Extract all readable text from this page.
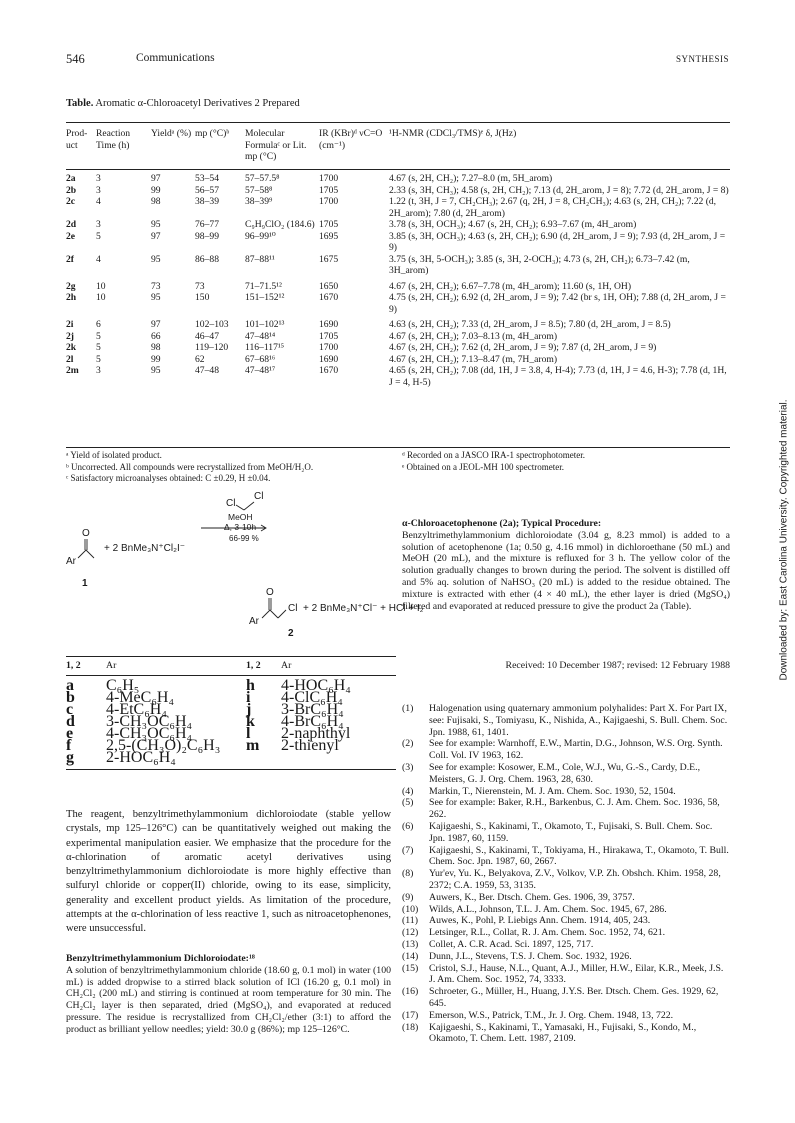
546	Communications	SYNTHESIS
Table. Aromatic α-Chloroacetyl Derivatives 2 Prepared
Prod- uct	Reaction Time (h)	Yieldᵃ (%)	mp (°C)ᵇ	Molecular Formulaᶜ or Lit. mp (°C)	IR (KBr)ᵈ νC=O (cm⁻¹)	¹H-NMR (CDCl₃/TMS)ᵉ δ, J(Hz)
2a	3	97	53–54	57–57.5⁸	1700	4.67 (s, 2H, CH₂); 7.27–8.0 (m, 5H_arom)
2b	3	99	56–57	57–58⁸	1705	2.33 (s, 3H, CH₃); 4.58 (s, 2H, CH₂); 7.13 (d, 2H_arom, J = 8); 7.72 (d, 2H_arom, J = 8)
2c	4	98	38–39	38–39⁹	1700	1.22 (t, 3H, J = 7, CH₂CH₃); 2.67 (q, 2H, J = 8, CH₂CH₃); 4.63 (s, 2H, CH₂); 7.22 (d, 2H_arom); 7.80 (d, 2H_arom)
2d	3	95	76–77	C₉H₉ClO₂ (184.6)	1705	3.78 (s, 3H, OCH₃); 4.67 (s, 2H, CH₂); 6.93–7.67 (m, 4H_arom)
2e	5	97	98–99	96–99¹⁰	1695	3.85 (s, 3H, OCH₃); 4.63 (s, 2H, CH₂); 6.90 (d, 2H_arom, J = 9); 7.93 (d, 2H_arom, J = 9)
2f	4	95	86–88	87–88¹¹	1675	3.75 (s, 3H, 5-OCH₃); 3.85 (s, 3H, 2-OCH₃); 4.73 (s, 2H, CH₂); 6.73–7.42 (m, 3H_arom)

2g	10	73	73	71–71.5¹²	1650	4.67 (s, 2H, CH₂); 6.67–7.78 (m, 4H_arom); 11.60 (s, 1H, OH)
2h	10	95	150	151–152¹²	1670	4.75 (s, 2H, CH₂); 6.92 (d, 2H_arom, J = 9); 7.42 (br s, 1H, OH); 7.88 (d, 2H_arom, J = 9)

2i	6	97	102–103	101–102¹³	1690	4.63 (s, 2H, CH₂); 7.33 (d, 2H_arom, J = 8.5); 7.80 (d, 2H_arom, J = 8.5)
2j	5	66	46–47	47–48¹⁴	1705	4.67 (s, 2H, CH₂); 7.03–8.13 (m, 4H_arom)
2k	5	98	119–120	116–117¹⁵	1700	4.67 (s, 2H, CH₂); 7.62 (d, 2H_arom, J = 9); 7.87 (d, 2H_arom, J = 9)
2l	5	99	62	67–68¹⁶	1690	4.67 (s, 2H, CH₂); 7.13–8.47 (m, 7H_arom)
2m	3	95	47–48	47–48¹⁷	1670	4.65 (s, 2H, CH₂); 7.08 (dd, 1H, J = 3.8, 4, H-4); 7.73 (d, 1H, J = 4.6, H-3); 7.78 (d, 1H, J = 4, H-5)
ᵃ Yield of isolated product.
ᵇ Uncorrected. All compounds were recrystallized from MeOH/H₂O.
ᶜ Satisfactory microanalyses obtained: C ±0.29, H ±0.04.
ᵈ Recorded on a JASCO IRA-1 spectrophotometer.
ᵉ Obtained on a JEOL-MH 100 spectrometer.
Cl
Cl
MeOH
Δ, 3-10h
66-99 %
O
Ar
+ 2 BnMe₃N⁺Cl₂I⁻
1
O
Cl
Ar
+ 2 BnMe₃N⁺Cl⁻ + HCl + I₂
2
1, 2	Ar	1, 2 Ar
a	C₆H₅
b	4-MeC₆H₄
c	4-EtC₆H₄
d	3-CH₃OC₆H₄
e	4-CH₃OC₆H₄
f	2,5-(CH₃O)₂C₆H₃
g	2-HOC₆H₄
h	4-HOC₆H₄
i	4-ClC₆H₄
j	3-BrC₆H₄
k	4-BrC₆H₄
l	2-naphthyl
m	2-thienyl
The reagent, benzyltrimethylammonium dichloroiodate (stable yellow crystals, mp 125–126°C) can be quantitatively weighed out making the experimental manipulation easier. We emphasize that the procedure for the α-chlorination of aromatic acetyl derivatives using benzyltrimethylammonium dichloroiodate is more highly effective than sulfuryl chloride or copper(II) chloride, owing to its ease, simplicity, generality and excellent product yields. As limitation of the procedure, attempts at the α-chlorination of less reactive 1, such as nitroacetophenones, were unsuccessful.
Benzyltrimethylammonium Dichloroiodate:¹⁸
A solution of benzyltrimethylammonium chloride (18.60 g, 0.1 mol) in water (100 mL) is added dropwise to a stirred black solution of ICl (16.20 g, 0.1 mol) in CH₂Cl₂ (200 mL) and stirring is continued at room temperature for 30 min. The CH₂Cl₂ layer is then separated, dried (MgSO₄), and evaporated at reduced pressure. The residue is recrystallized from CH₂Cl₂/ether (3:1) to afford the product as brilliant yellow needles; yield: 30.0 g (86%); mp 125–126°C.
α-Chloroacetophenone (2a); Typical Procedure:
Benzyltrimethylammonium dichloroiodate (3.04 g, 8.23 mmol) is added to a solution of acetophenone (1a; 0.50 g, 4.16 mmol) in dichloroethane (50 mL) and MeOH (20 mL), and the mixture is refluxed for 3 h. The yellow color of the solution gradually changes to brown during the period. The solvent is distilled off and 5% aq. solution of NaHSO₃ (20 mL) is added to the residue obtained. The mixture is extracted with ether (4 × 40 mL), the ether layer is dried (MgSO₄) filtered and evaporated at reduced pressure to give the product 2a (Table).
Received: 10 December 1987; revised: 12 February 1988
(1)	Halogenation using quaternary ammonium polyhalides: Part X. For Part IX, see: Fujisaki, S., Tomiyasu, K., Nishida, A., Kajigaeshi, S. Bull. Chem. Soc. Jpn. 1988, 61, 1401.
(2)	See for example: Warnhoff, E.W., Martin, D.G., Johnson, W.S. Org. Synth. Coll. Vol. IV 1963, 162.
(3)	See for example: Kosower, E.M., Cole, W.J., Wu, G.-S., Cardy, D.E., Meisters, G. J. Org. Chem. 1963, 28, 630.
(4)	Markin, T., Nierenstein, M. J. Am. Chem. Soc. 1930, 52, 1504.
(5)	See for example: Baker, R.H., Barkenbus, C. J. Am. Chem. Soc. 1936, 58, 262.
(6)	Kajigaeshi, S., Kakinami, T., Okamoto, T., Fujisaki, S. Bull. Chem. Soc. Jpn. 1987, 60, 1159.
(7)	Kajigaeshi, S., Kakinami, T., Tokiyama, H., Hirakawa, T., Okamoto, T. Bull. Chem. Soc. Jpn. 1987, 60, 2667.
(8)	Yur'ev, Yu. K., Belyakova, Z.V., Volkov, V.P. Zh. Obshch. Khim. 1958, 28, 2372; C.A. 1959, 53, 3135.
(9)	Auwers, K., Ber. Dtsch. Chem. Ges. 1906, 39, 3757.
(10)	Wilds, A.L., Johnson, T.L. J. Am. Chem. Soc. 1945, 67, 286.
(11)	Auwes, K., Pohl, P. Liebigs Ann. Chem. 1914, 405, 243.
(12)	Letsinger, R.L., Collat, R. J. Am. Chem. Soc. 1952, 74, 621.
(13)	Collet, A. C.R. Acad. Sci. 1897, 125, 717.
(14)	Dunn, J.L., Stevens, T.S. J. Chem. Soc. 1932, 1926.
(15)	Cristol, S.J., Hause, N.L., Quant, A.J., Miller, H.W., Eilar, K.R., Meek, J.S. J. Am. Chem. Soc. 1952, 74, 3333.
(16)	Schroeter, G., Müller, H., Huang, J.Y.S. Ber. Dtsch. Chem. Ges. 1929, 62, 645.
(17)	Emerson, W.S., Patrick, T.M., Jr. J. Org. Chem. 1948, 13, 722.
(18)	Kajigaeshi, S., Kakinami, T., Yamasaki, H., Fujisaki, S., Kondo, M., Okamoto, T. Chem. Lett. 1987, 2109.
Downloaded by: East Carolina University. Copyrighted material.
